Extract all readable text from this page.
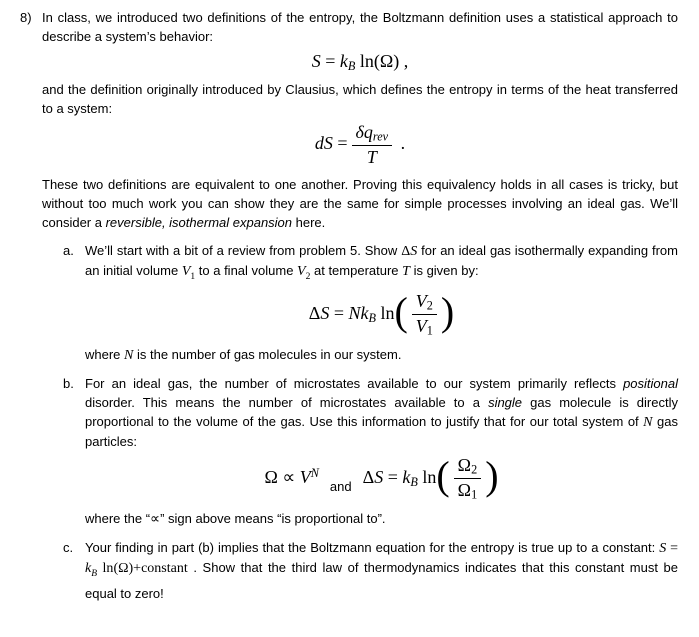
8) In class, we introduced two definitions of the entropy, the Boltzmann definition uses a statistical approach to describe a system’s behavior:

S = kB ln(Ω) ,

and the definition originally introduced by Clausius, which defines the entropy in terms of the heat transferred to a system:

dS = $\frac{\text{δqrev}}{T}$ .

These two definitions are equivalent to one another. Proving this equivalency holds in all cases is tricky, but without too much work you can show they are the same for simple processes involving an ideal gas. We’ll consider a reversible, isothermal expansion here.

a. We’ll start with a bit of a review from problem 5. Show ΔS for an ideal gas isothermally expanding from an initial volume $V_1$ to a final volume $V_2$ at temperature T is given by:

ΔS = NkB $\ln( \frac{V2}{V1}$ )

where N is the number of gas molecules in our system.

b. For an ideal gas, the number of microstates available to our system primarily reflects positional disorder. This means the number of microstates available to a single gas molecule is directly proportional to the volume of the gas. Use this information to justify that for our total system of N gas particles:

$\Omega \propto V^Nand$ ΔS = kB $\ln( \frac{\Omega 2}{\Omega 1}$ )

where the “∝” sign above means “is proportional to”.

c. Your finding in part (b) implies that the Boltzmann equation for the entropy is true up to a constant: $S = k_B$ ln(Ω)+constant . Show that the third law of thermodynamics indicates that this constant must be equal to zero!
